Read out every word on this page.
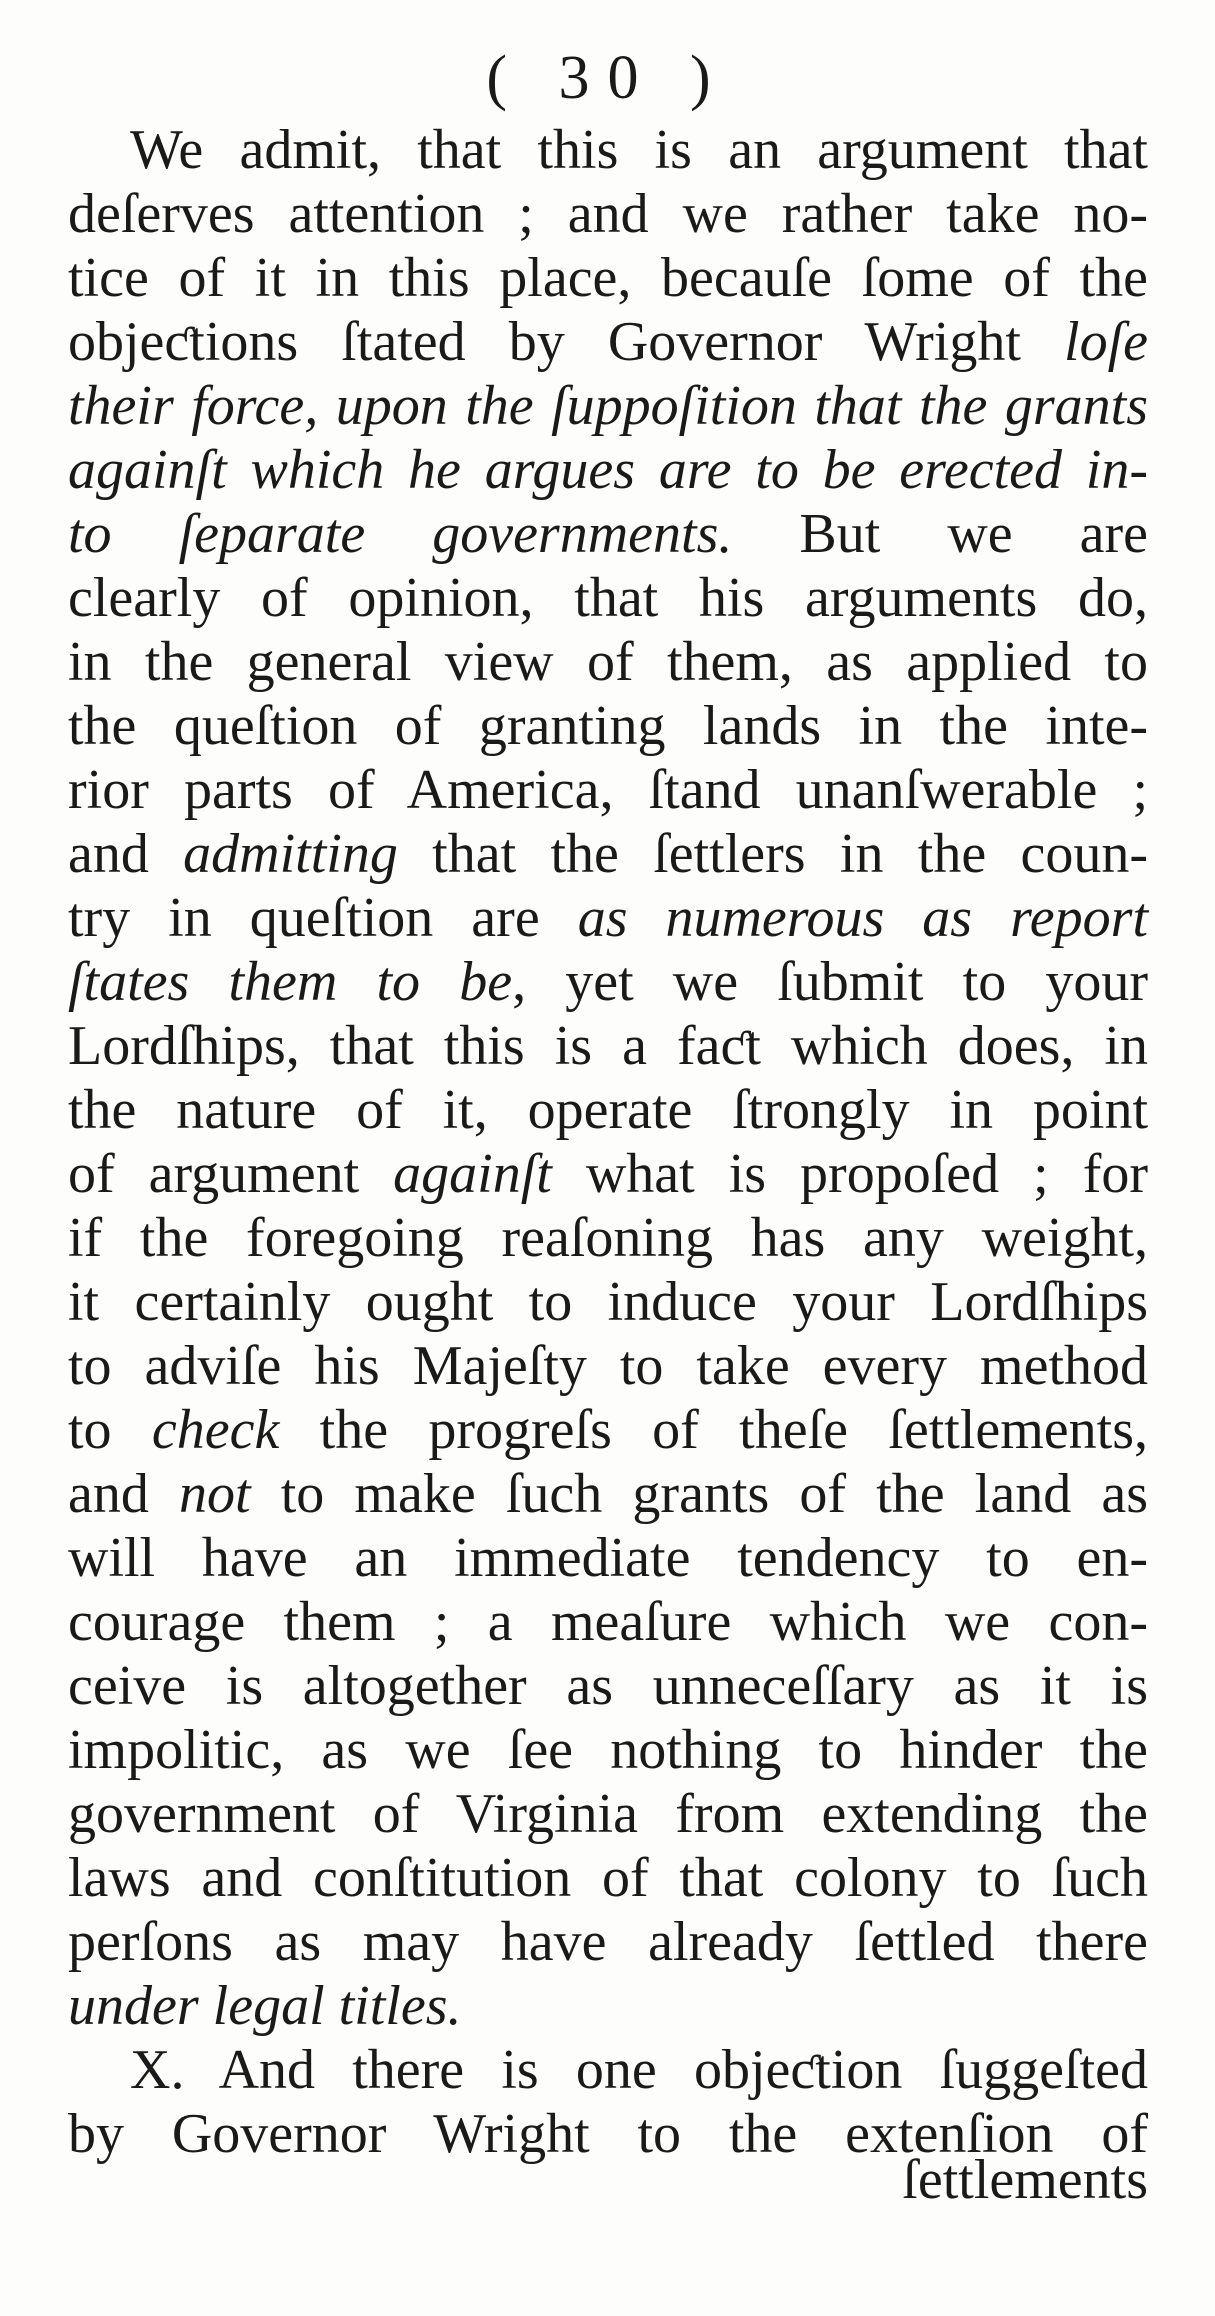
( 30 )
We admit, that this is an argument that
deſerves attention ; and we rather take no-
tice of it in this place, becauſe ſome of the
objeƈtions ſtated by Governor Wright loſe
their force, upon the ſuppoſition that the grants
againſt which he argues are to be erected in-
to ſeparate governments. But we are
clearly of opinion, that his arguments do,
in the general view of them, as applied to
the queſtion of granting lands in the inte-
rior parts of America, ſtand unanſwerable ;
and admitting that the ſettlers in the coun-
try in queſtion are as numerous as report
ſtates them to be, yet we ſubmit to your
Lordſhips, that this is a faƈt which does, in
the nature of it, operate ſtrongly in point
of argument againſt what is propoſed ; for
if the foregoing reaſoning has any weight,
it certainly ought to induce your Lordſhips
to adviſe his Majeſty to take every method
to check the progreſs of theſe ſettlements,
and not to make ſuch grants of the land as
will have an immediate tendency to en-
courage them ; a meaſure which we con-
ceive is altogether as unneceſſary as it is
impolitic, as we ſee nothing to hinder the
government of Virginia from extending the
laws and conſtitution of that colony to ſuch
perſons as may have already ſettled there
under legal titles.
X. And there is one objeƈtion ſuggeſted
by Governor Wright to the extenſion of
ſettlements
